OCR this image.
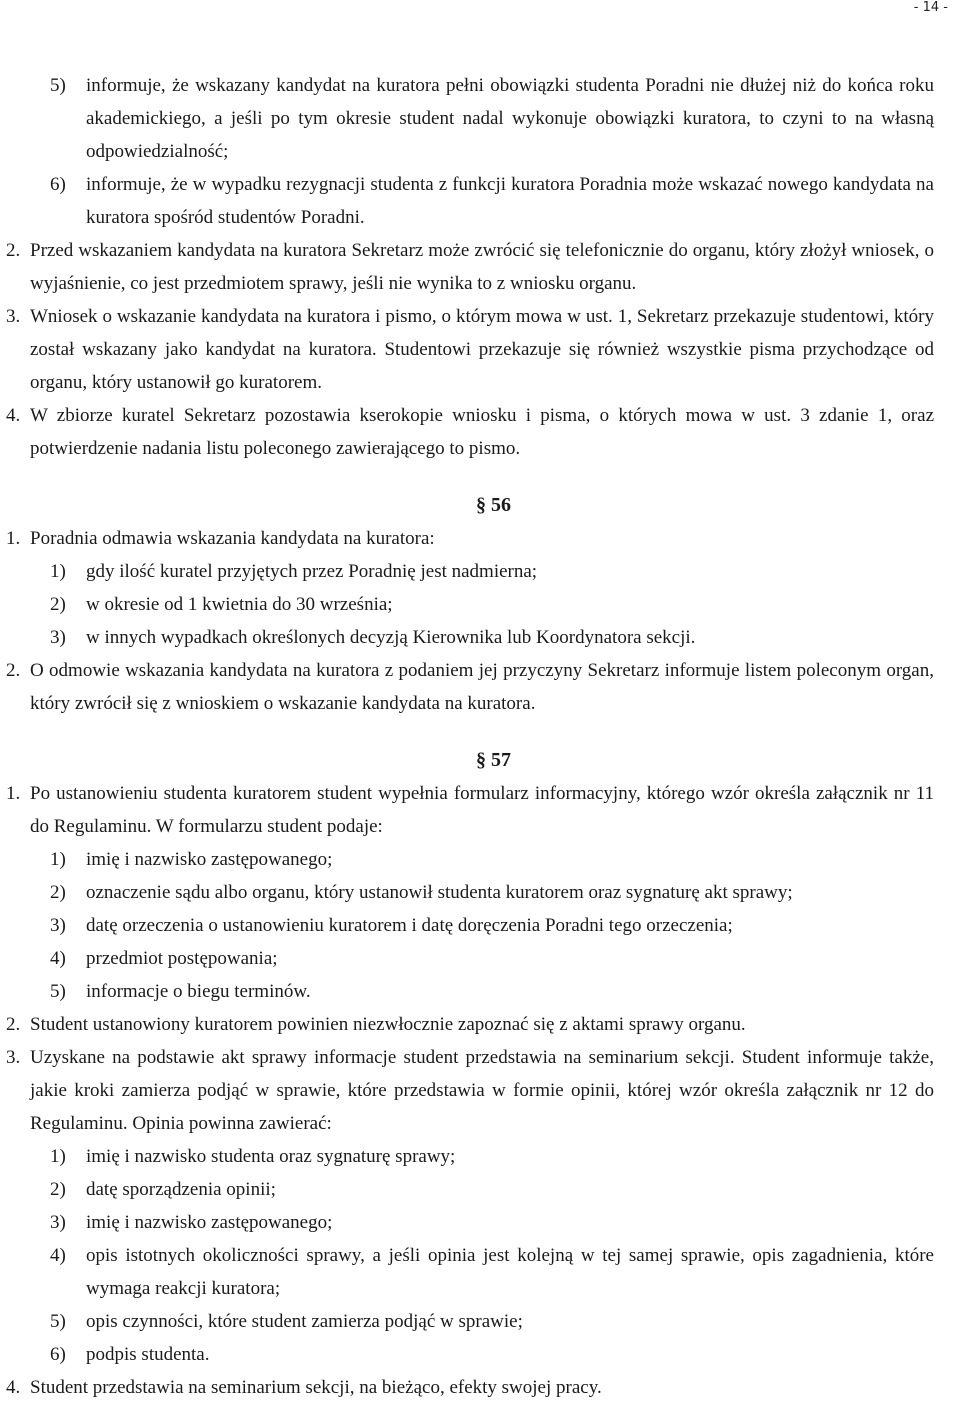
- 14 -
5)	informuje, że wskazany kandydat na kuratora pełni obowiązki studenta Poradni nie dłużej niż do końca roku akademickiego, a jeśli po tym okresie student nadal wykonuje obowiązki kuratora, to czyni to na własną odpowiedzialność;
6)	informuje, że w wypadku rezygnacji studenta z funkcji kuratora Poradnia może wskazać nowego kandydata na kuratora spośród studentów Poradni.
2. Przed wskazaniem kandydata na kuratora Sekretarz może zwrócić się telefonicznie do organu, który złożył wniosek, o wyjaśnienie, co jest przedmiotem sprawy, jeśli nie wynika to z wniosku organu.
3. Wniosek o wskazanie kandydata na kuratora i pismo, o którym mowa w ust. 1, Sekretarz przekazuje studentowi, który został wskazany jako kandydat na kuratora. Studentowi przekazuje się również wszystkie pisma przychodzące od organu, który ustanowił go kuratorem.
4. W zbiorze kuratel Sekretarz pozostawia kserokopie wniosku i pisma, o których mowa w ust. 3 zdanie 1, oraz potwierdzenie nadania listu poleconego zawierającego to pismo.
§ 56
1. Poradnia odmawia wskazania kandydata na kuratora:
1)	gdy ilość kuratel przyjętych przez Poradnię jest nadmierna;
2)	w okresie od 1 kwietnia do 30 września;
3)	w innych wypadkach określonych decyzją Kierownika lub Koordynatora sekcji.
2. O odmowie wskazania kandydata na kuratora z podaniem jej przyczyny Sekretarz informuje listem poleconym organ, który zwrócił się z wnioskiem o wskazanie kandydata na kuratora.
§ 57
1. Po ustanowieniu studenta kuratorem student wypełnia formularz informacyjny, którego wzór określa załącznik nr 11 do Regulaminu. W formularzu student podaje:
1)	imię i nazwisko zastępowanego;
2)	oznaczenie sądu albo organu, który ustanowił studenta kuratorem oraz sygnaturę akt sprawy;
3)	datę orzeczenia o ustanowieniu kuratorem i datę doręczenia Poradni tego orzeczenia;
4)	przedmiot postępowania;
5)	informacje o biegu terminów.
2. Student ustanowiony kuratorem powinien niezwłocznie zapoznać się z aktami sprawy organu.
3. Uzyskane na podstawie akt sprawy informacje student przedstawia na seminarium sekcji. Student informuje także, jakie kroki zamierza podjąć w sprawie, które przedstawia w formie opinii, której wzór określa załącznik nr 12 do Regulaminu. Opinia powinna zawierać:
1)	imię i nazwisko studenta oraz sygnaturę sprawy;
2)	datę sporządzenia opinii;
3)	imię i nazwisko zastępowanego;
4)	opis istotnych okoliczności sprawy, a jeśli opinia jest kolejną w tej samej sprawie, opis zagadnienia, które wymaga reakcji kuratora;
5)	opis czynności, które student zamierza podjąć w sprawie;
6)	podpis studenta.
4. Student przedstawia na seminarium sekcji, na bieżąco, efekty swojej pracy.
